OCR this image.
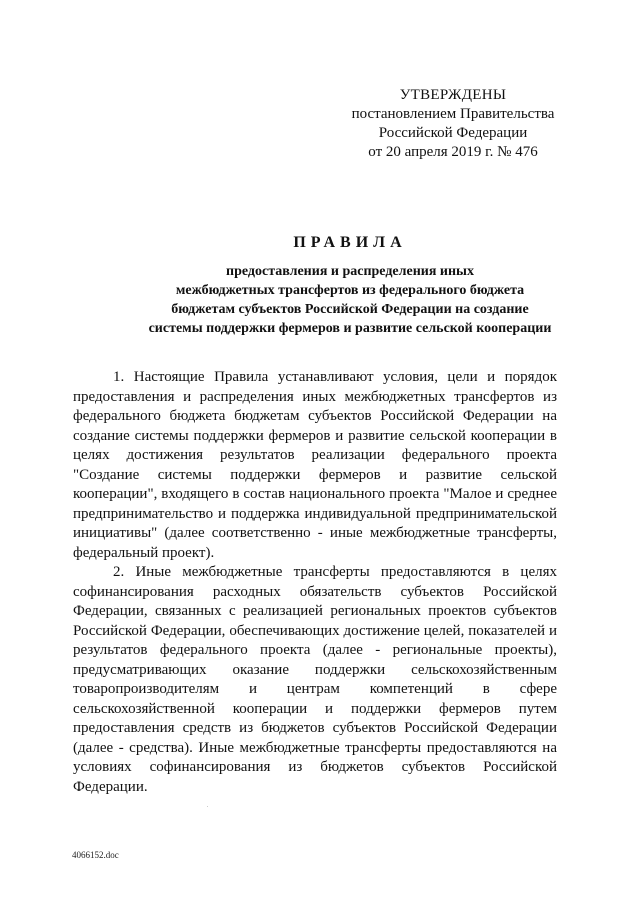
УТВЕРЖДЕНЫ
постановлением Правительства
Российской Федерации
от 20 апреля 2019 г. № 476
ПРАВИЛА
предоставления и распределения иных
межбюджетных трансфертов из федерального бюджета
бюджетам субъектов Российской Федерации на создание
системы поддержки фермеров и развитие сельской кооперации

1. Настоящие Правила устанавливают условия, цели и порядок предоставления и распределения иных межбюджетных трансфертов из федерального бюджета бюджетам субъектов Российской Федерации на создание системы поддержки фермеров и развитие сельской кооперации в целях достижения результатов реализации федерального проекта "Создание системы поддержки фермеров и развитие сельской кооперации", входящего в состав национального проекта "Малое и среднее предпринимательство и поддержка индивидуальной предпринимательской инициативы" (далее соответственно - иные межбюджетные трансферты, федеральный проект).

2. Иные межбюджетные трансферты предоставляются в целях софинансирования расходных обязательств субъектов Российской Федерации, связанных с реализацией региональных проектов субъектов Российской Федерации, обеспечивающих достижение целей, показателей и результатов федерального проекта (далее - региональные проекты), предусматривающих оказание поддержки сельскохозяйственным товаропроизводителям и центрам компетенций в сфере сельскохозяйственной кооперации и поддержки фермеров путем предоставления средств из бюджетов субъектов Российской Федерации (далее - средства). Иные межбюджетные трансферты предоставляются на условиях софинансирования из бюджетов субъектов Российской Федерации.

4066152.doc
